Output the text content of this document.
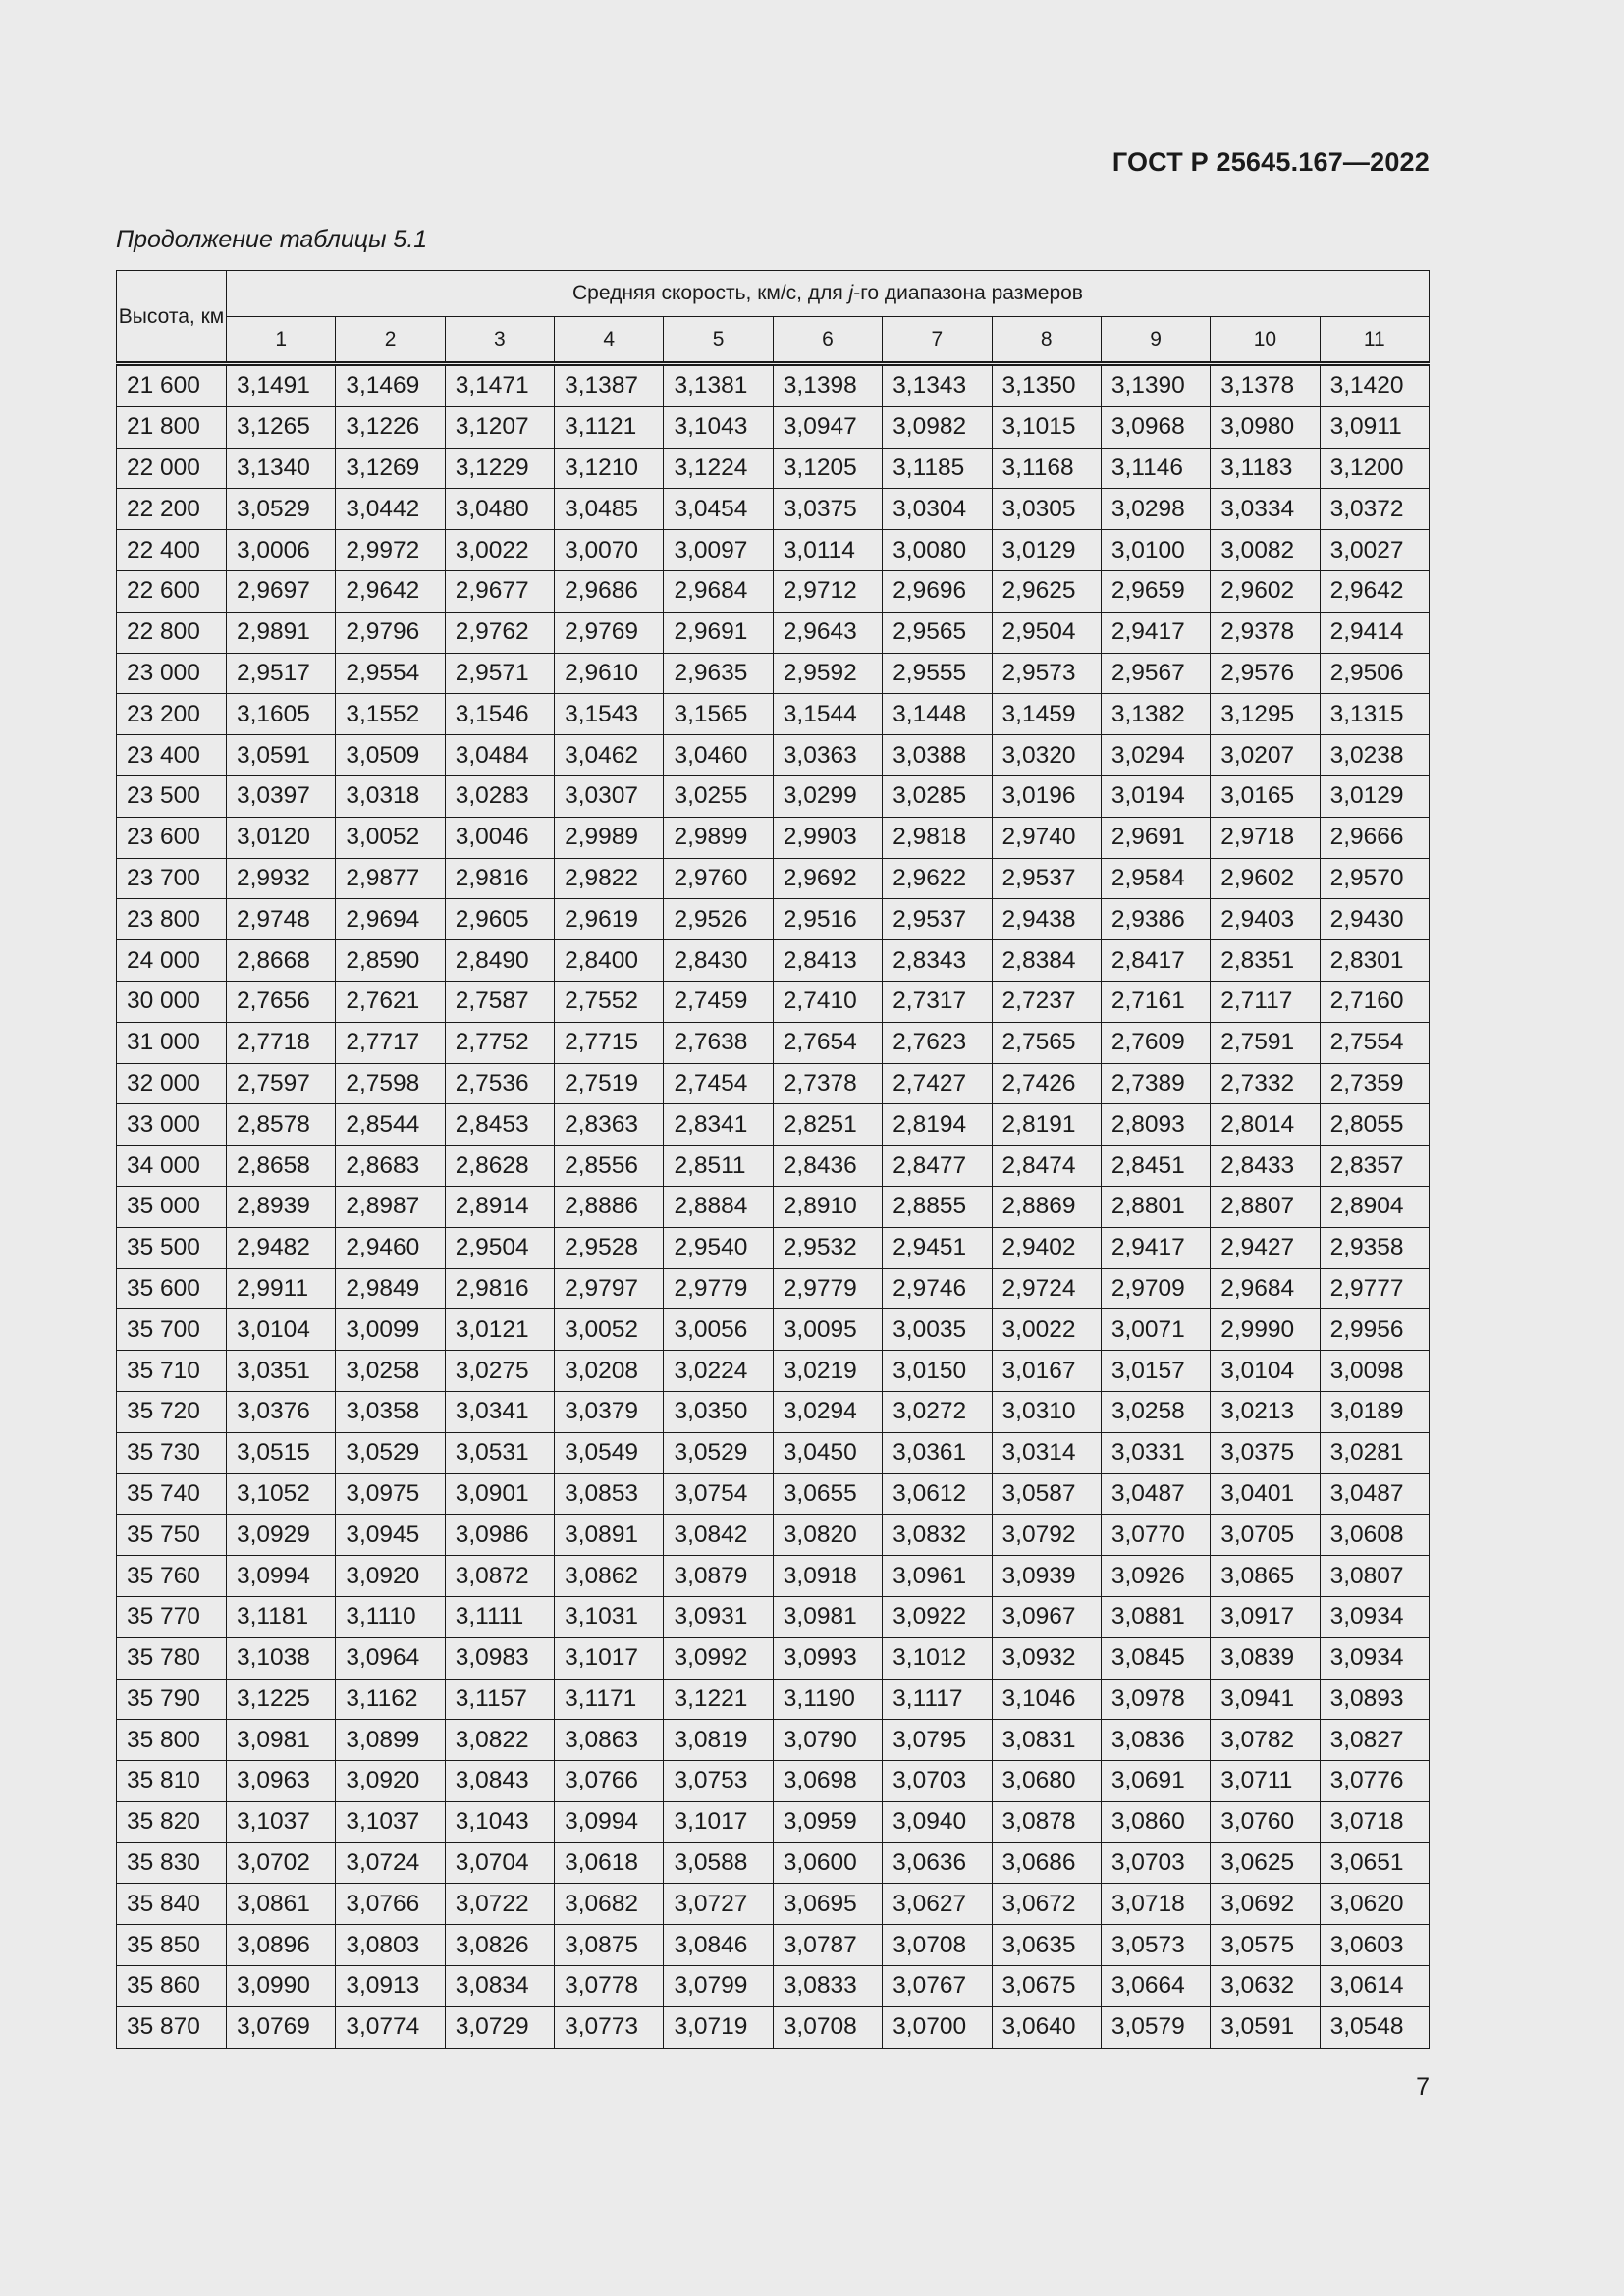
ГОСТ Р 25645.167—2022
Продолжение таблицы 5.1
Высота, км	Средняя скорость, км/с, для j-го диапазона размеров										
	1	2	3	4	5	6	7	8	9	10	11
21 600	3,1491	3,1469	3,1471	3,1387	3,1381	3,1398	3,1343	3,1350	3,1390	3,1378	3,1420
21 800	3,1265	3,1226	3,1207	3,1121	3,1043	3,0947	3,0982	3,1015	3,0968	3,0980	3,0911
22 000	3,1340	3,1269	3,1229	3,1210	3,1224	3,1205	3,1185	3,1168	3,1146	3,1183	3,1200
22 200	3,0529	3,0442	3,0480	3,0485	3,0454	3,0375	3,0304	3,0305	3,0298	3,0334	3,0372
22 400	3,0006	2,9972	3,0022	3,0070	3,0097	3,0114	3,0080	3,0129	3,0100	3,0082	3,0027
22 600	2,9697	2,9642	2,9677	2,9686	2,9684	2,9712	2,9696	2,9625	2,9659	2,9602	2,9642
22 800	2,9891	2,9796	2,9762	2,9769	2,9691	2,9643	2,9565	2,9504	2,9417	2,9378	2,9414
23 000	2,9517	2,9554	2,9571	2,9610	2,9635	2,9592	2,9555	2,9573	2,9567	2,9576	2,9506
23 200	3,1605	3,1552	3,1546	3,1543	3,1565	3,1544	3,1448	3,1459	3,1382	3,1295	3,1315
23 400	3,0591	3,0509	3,0484	3,0462	3,0460	3,0363	3,0388	3,0320	3,0294	3,0207	3,0238
23 500	3,0397	3,0318	3,0283	3,0307	3,0255	3,0299	3,0285	3,0196	3,0194	3,0165	3,0129
23 600	3,0120	3,0052	3,0046	2,9989	2,9899	2,9903	2,9818	2,9740	2,9691	2,9718	2,9666
23 700	2,9932	2,9877	2,9816	2,9822	2,9760	2,9692	2,9622	2,9537	2,9584	2,9602	2,9570
23 800	2,9748	2,9694	2,9605	2,9619	2,9526	2,9516	2,9537	2,9438	2,9386	2,9403	2,9430
24 000	2,8668	2,8590	2,8490	2,8400	2,8430	2,8413	2,8343	2,8384	2,8417	2,8351	2,8301
30 000	2,7656	2,7621	2,7587	2,7552	2,7459	2,7410	2,7317	2,7237	2,7161	2,7117	2,7160
31 000	2,7718	2,7717	2,7752	2,7715	2,7638	2,7654	2,7623	2,7565	2,7609	2,7591	2,7554
32 000	2,7597	2,7598	2,7536	2,7519	2,7454	2,7378	2,7427	2,7426	2,7389	2,7332	2,7359
33 000	2,8578	2,8544	2,8453	2,8363	2,8341	2,8251	2,8194	2,8191	2,8093	2,8014	2,8055
34 000	2,8658	2,8683	2,8628	2,8556	2,8511	2,8436	2,8477	2,8474	2,8451	2,8433	2,8357
35 000	2,8939	2,8987	2,8914	2,8886	2,8884	2,8910	2,8855	2,8869	2,8801	2,8807	2,8904
35 500	2,9482	2,9460	2,9504	2,9528	2,9540	2,9532	2,9451	2,9402	2,9417	2,9427	2,9358
35 600	2,9911	2,9849	2,9816	2,9797	2,9779	2,9779	2,9746	2,9724	2,9709	2,9684	2,9777
35 700	3,0104	3,0099	3,0121	3,0052	3,0056	3,0095	3,0035	3,0022	3,0071	2,9990	2,9956
35 710	3,0351	3,0258	3,0275	3,0208	3,0224	3,0219	3,0150	3,0167	3,0157	3,0104	3,0098
35 720	3,0376	3,0358	3,0341	3,0379	3,0350	3,0294	3,0272	3,0310	3,0258	3,0213	3,0189
35 730	3,0515	3,0529	3,0531	3,0549	3,0529	3,0450	3,0361	3,0314	3,0331	3,0375	3,0281
35 740	3,1052	3,0975	3,0901	3,0853	3,0754	3,0655	3,0612	3,0587	3,0487	3,0401	3,0487
35 750	3,0929	3,0945	3,0986	3,0891	3,0842	3,0820	3,0832	3,0792	3,0770	3,0705	3,0608
35 760	3,0994	3,0920	3,0872	3,0862	3,0879	3,0918	3,0961	3,0939	3,0926	3,0865	3,0807
35 770	3,1181	3,1110	3,1111	3,1031	3,0931	3,0981	3,0922	3,0967	3,0881	3,0917	3,0934
35 780	3,1038	3,0964	3,0983	3,1017	3,0992	3,0993	3,1012	3,0932	3,0845	3,0839	3,0934
35 790	3,1225	3,1162	3,1157	3,1171	3,1221	3,1190	3,1117	3,1046	3,0978	3,0941	3,0893
35 800	3,0981	3,0899	3,0822	3,0863	3,0819	3,0790	3,0795	3,0831	3,0836	3,0782	3,0827
35 810	3,0963	3,0920	3,0843	3,0766	3,0753	3,0698	3,0703	3,0680	3,0691	3,0711	3,0776
35 820	3,1037	3,1037	3,1043	3,0994	3,1017	3,0959	3,0940	3,0878	3,0860	3,0760	3,0718
35 830	3,0702	3,0724	3,0704	3,0618	3,0588	3,0600	3,0636	3,0686	3,0703	3,0625	3,0651
35 840	3,0861	3,0766	3,0722	3,0682	3,0727	3,0695	3,0627	3,0672	3,0718	3,0692	3,0620
35 850	3,0896	3,0803	3,0826	3,0875	3,0846	3,0787	3,0708	3,0635	3,0573	3,0575	3,0603
35 860	3,0990	3,0913	3,0834	3,0778	3,0799	3,0833	3,0767	3,0675	3,0664	3,0632	3,0614
35 870	3,0769	3,0774	3,0729	3,0773	3,0719	3,0708	3,0700	3,0640	3,0579	3,0591	3,0548
7
